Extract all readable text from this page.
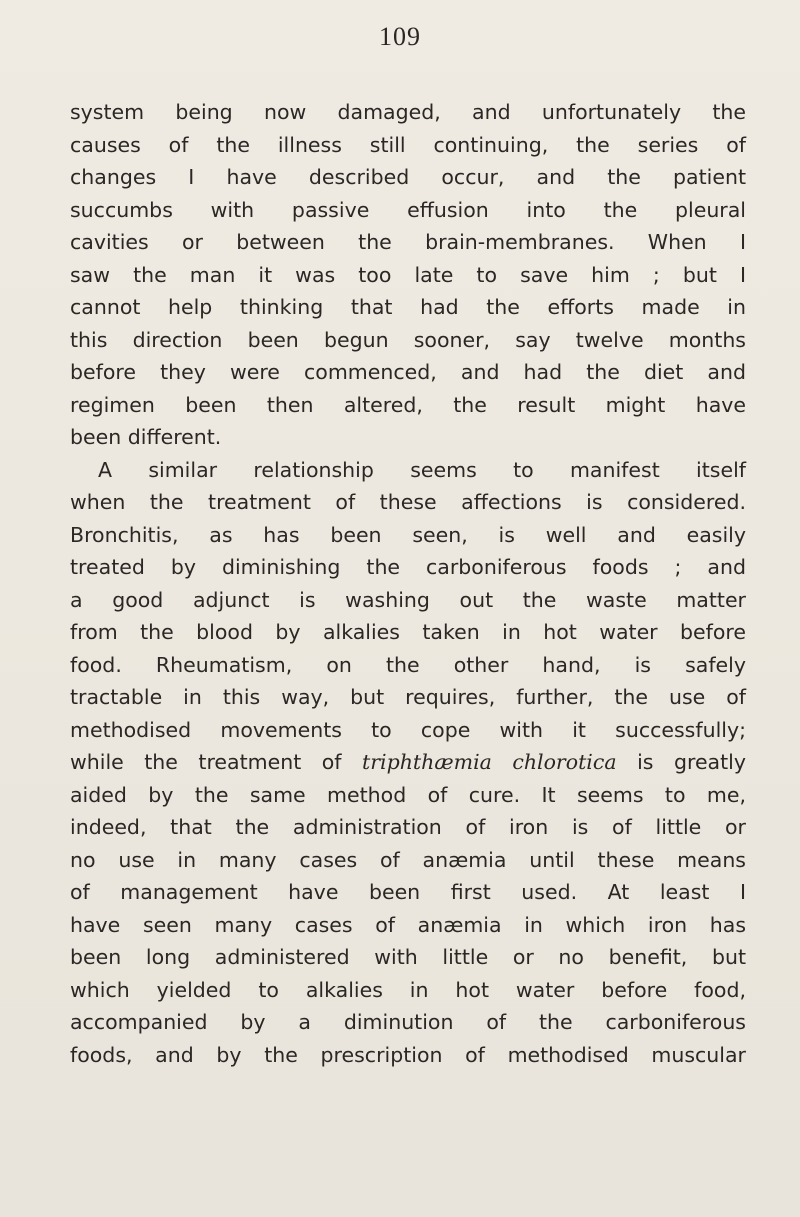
109
system being now damaged, and unfortunately the
causes of the illness still continuing, the series of
changes I have described occur, and the patient
succumbs with passive effusion into the pleural
cavities or between the brain-membranes. When I
saw the man it was too late to save him ; but I
cannot help thinking that had the efforts made in
this direction been begun sooner, say twelve months
before they were commenced, and had the diet and
regimen been then altered, the result might have
been different.
A similar relationship seems to manifest itself
when the treatment of these affections is considered.
Bronchitis, as has been seen, is well and easily
treated by diminishing the carboniferous foods ; and
a good adjunct is washing out the waste matter
from the blood by alkalies taken in hot water before
food. Rheumatism, on the other hand, is safely
tractable in this way, but requires, further, the use of
methodised movements to cope with it successfully;
while the treatment of triphthæmia chlorotica is greatly
aided by the same method of cure. It seems to me,
indeed, that the administration of iron is of little or
no use in many cases of anæmia until these means
of management have been first used. At least I
have seen many cases of anæmia in which iron has
been long administered with little or no benefit, but
which yielded to alkalies in hot water before food,
accompanied by a diminution of the carboniferous
foods, and by the prescription of methodised muscular
